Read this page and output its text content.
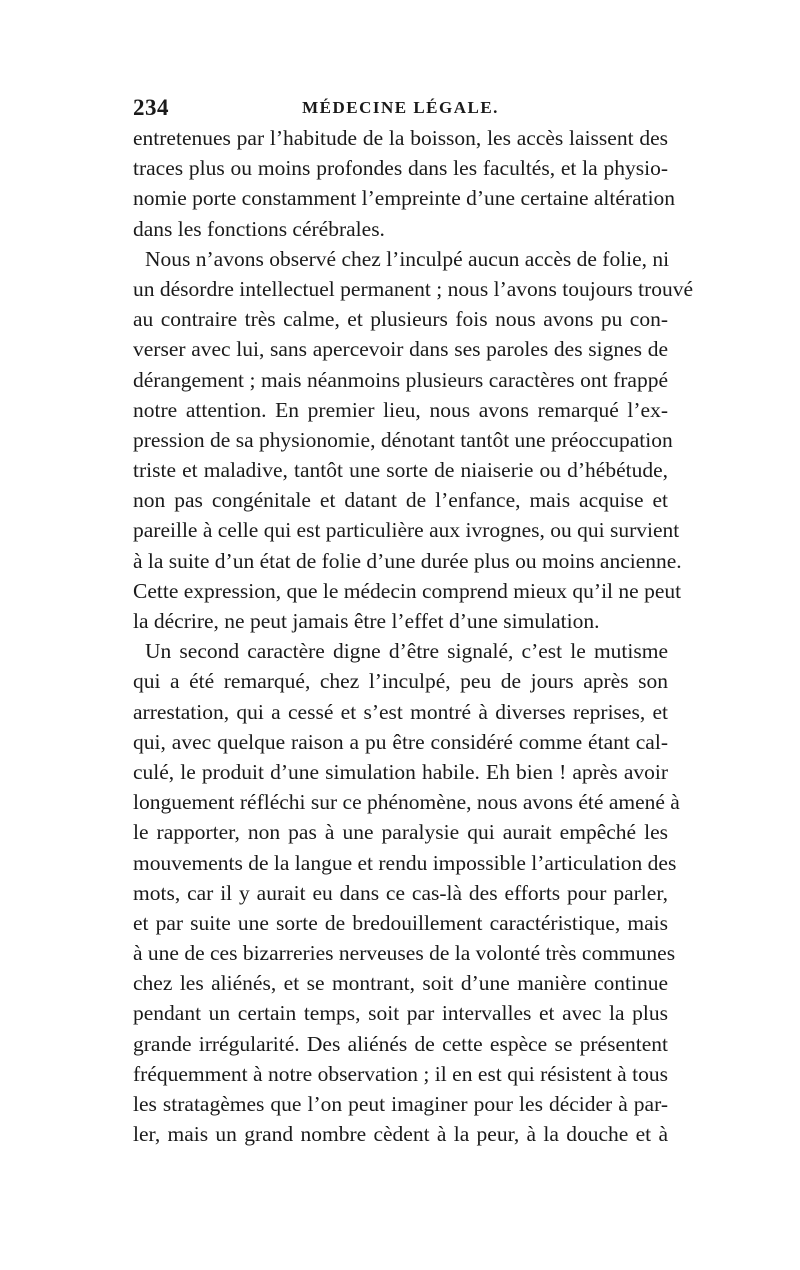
234	MÉDECINE LÉGALE.
entretenues par l’habitude de la boisson, les accès laissent des
traces plus ou moins profondes dans les facultés, et la physio-
nomie porte constamment l’empreinte d’une certaine altération
dans les fonctions cérébrales.
Nous n’avons observé chez l’inculpé aucun accès de folie, ni
un désordre intellectuel permanent ; nous l’avons toujours trouvé
au contraire très calme, et plusieurs fois nous avons pu con-
verser avec lui, sans apercevoir dans ses paroles des signes de
dérangement ; mais néanmoins plusieurs caractères ont frappé
notre attention. En premier lieu, nous avons remarqué l’ex-
pression de sa physionomie, dénotant tantôt une préoccupation
triste et maladive, tantôt une sorte de niaiserie ou d’hébétude,
non pas congénitale et datant de l’enfance, mais acquise et
pareille à celle qui est particulière aux ivrognes, ou qui survient
à la suite d’un état de folie d’une durée plus ou moins ancienne.
Cette expression, que le médecin comprend mieux qu’il ne peut
la décrire, ne peut jamais être l’effet d’une simulation.
Un second caractère digne d’être signalé, c’est le mutisme
qui a été remarqué, chez l’inculpé, peu de jours après son
arrestation, qui a cessé et s’est montré à diverses reprises, et
qui, avec quelque raison a pu être considéré comme étant cal-
culé, le produit d’une simulation habile. Eh bien ! après avoir
longuement réfléchi sur ce phénomène, nous avons été amené à
le rapporter, non pas à une paralysie qui aurait empêché les
mouvements de la langue et rendu impossible l’articulation des
mots, car il y aurait eu dans ce cas-là des efforts pour parler,
et par suite une sorte de bredouillement caractéristique, mais
à une de ces bizarreries nerveuses de la volonté très communes
chez les aliénés, et se montrant, soit d’une manière continue
pendant un certain temps, soit par intervalles et avec la plus
grande irrégularité. Des aliénés de cette espèce se présentent
fréquemment à notre observation ; il en est qui résistent à tous
les stratagèmes que l’on peut imaginer pour les décider à par-
ler, mais un grand nombre cèdent à la peur, à la douche et à
